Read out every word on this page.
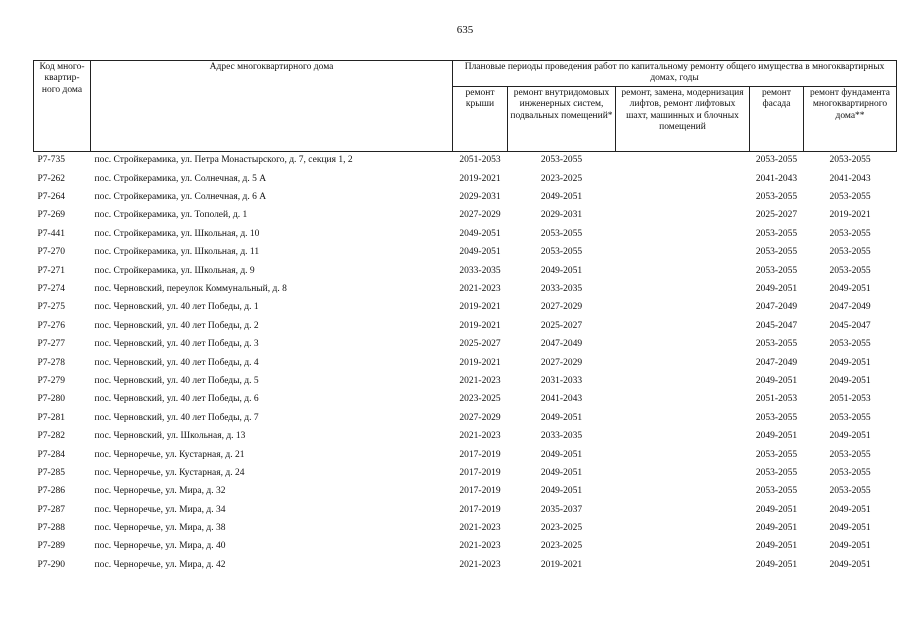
635
Код много-квартир-ного дома	Адрес многоквартирного дома	Плановые периоды проведения работ по капитальному ремонту общего имущества в многоквартирных домах, годы				
		ремонт крыши	ремонт внутридомовых инженерных систем, подвальных помещений*	ремонт, замена, модернизация лифтов, ремонт лифтовых шахт, машинных и блочных помещений	ремонт фасада	ремонт фундамента многоквартирного дома**
Р7-735	пос. Стройкерамика, ул. Петра Монастырского, д. 7, секция 1, 2	2051-2053	2053-2055		2053-2055	2053-2055
Р7-262	пос. Стройкерамика, ул. Солнечная, д. 5 А	2019-2021	2023-2025		2041-2043	2041-2043
Р7-264	пос. Стройкерамика, ул. Солнечная, д. 6 А	2029-2031	2049-2051		2053-2055	2053-2055
Р7-269	пос. Стройкерамика, ул. Тополей, д. 1	2027-2029	2029-2031		2025-2027	2019-2021
Р7-441	пос. Стройкерамика, ул. Школьная, д. 10	2049-2051	2053-2055		2053-2055	2053-2055
Р7-270	пос. Стройкерамика, ул. Школьная, д. 11	2049-2051	2053-2055		2053-2055	2053-2055
Р7-271	пос. Стройкерамика, ул. Школьная, д. 9	2033-2035	2049-2051		2053-2055	2053-2055
Р7-274	пос. Черновский, переулок Коммунальный, д. 8	2021-2023	2033-2035		2049-2051	2049-2051
Р7-275	пос. Черновский, ул. 40 лет Победы, д. 1	2019-2021	2027-2029		2047-2049	2047-2049
Р7-276	пос. Черновский, ул. 40 лет Победы, д. 2	2019-2021	2025-2027		2045-2047	2045-2047
Р7-277	пос. Черновский, ул. 40 лет Победы, д. 3	2025-2027	2047-2049		2053-2055	2053-2055
Р7-278	пос. Черновский, ул. 40 лет Победы, д. 4	2019-2021	2027-2029		2047-2049	2049-2051
Р7-279	пос. Черновский, ул. 40 лет Победы, д. 5	2021-2023	2031-2033		2049-2051	2049-2051
Р7-280	пос. Черновский, ул. 40 лет Победы, д. 6	2023-2025	2041-2043		2051-2053	2051-2053
Р7-281	пос. Черновский, ул. 40 лет Победы, д. 7	2027-2029	2049-2051		2053-2055	2053-2055
Р7-282	пос. Черновский, ул. Школьная, д. 13	2021-2023	2033-2035		2049-2051	2049-2051
Р7-284	пос. Черноречье, ул. Кустарная, д. 21	2017-2019	2049-2051		2053-2055	2053-2055
Р7-285	пос. Черноречье, ул. Кустарная, д. 24	2017-2019	2049-2051		2053-2055	2053-2055
Р7-286	пос. Черноречье, ул. Мира, д. 32	2017-2019	2049-2051		2053-2055	2053-2055
Р7-287	пос. Черноречье, ул. Мира, д. 34	2017-2019	2035-2037		2049-2051	2049-2051
Р7-288	пос. Черноречье, ул. Мира, д. 38	2021-2023	2023-2025		2049-2051	2049-2051
Р7-289	пос. Черноречье, ул. Мира, д. 40	2021-2023	2023-2025		2049-2051	2049-2051
Р7-290	пос. Черноречье, ул. Мира, д. 42	2021-2023	2019-2021		2049-2051	2049-2051
